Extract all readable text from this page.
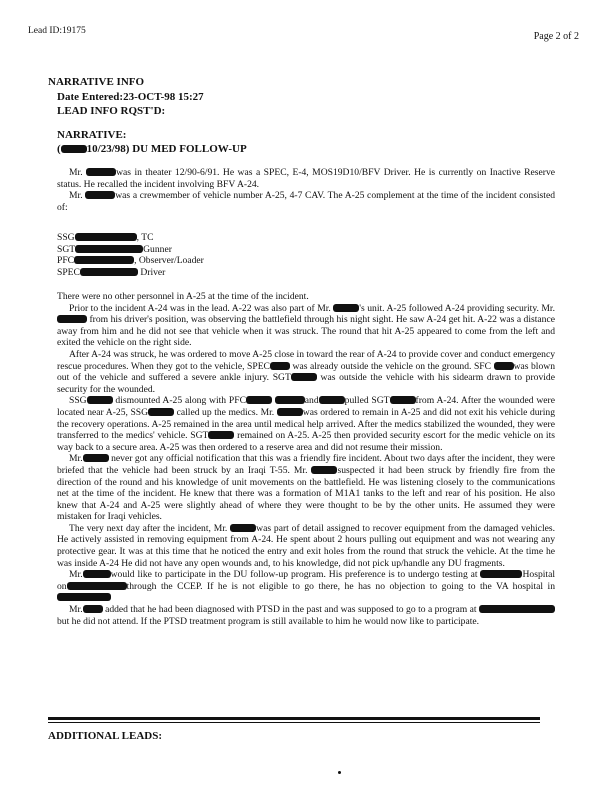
Lead ID:19175	Page 2 of 2
NARRATIVE INFO
Date Entered:23-OCT-98 15:27
LEAD INFO RQST'D:
NARRATIVE:
( 10/23/98) DU MED FOLLOW-UP

Mr.	was in theater 12/90-6/91. He was a SPEC, E-4, MOS19D10/BFV Driver. He is currently on Inactive Reserve status. He recalled the incident involving BFV A-24.

Mr.	was a crewmember of vehicle number A-25, 4-7 CAV. The A-25 complement at the time of the incident consisted of:

SSG	, TC
SGT	Gunner
PFC	, Observer/Loader
SPEC	Driver

There were no other personnel in A-25 at the time of the incident.

Prior to the incident A-24 was in the lead. A-22 was also part of Mr.	's unit. A-25 followed A-24 providing security. Mr.  from his driver's position, was observing the battlefield through his night sight. He saw A-24 get hit. A-22 was a distance away from him and he did not see that vehicle when it was struck. The round that hit A-25 appeared to come from the left and exited the vehicle on the right side.

After A-24 was struck, he was ordered to move A-25 close in toward the rear of A-24 to provide cover and conduct emergency rescue procedures. When they got to the vehicle, SPEC was already outside the vehicle on the ground. SFC was blown out of the vehicle and suffered a severe ankle injury. SGT	was outside the vehicle with his sidearm drawn to provide security for the wounded.

SSG	dismounted A-25 along with PFC	and	pulled SGT	from A-24. After the wounded were located near A-25, SSG	called up the medics. Mr.	was ordered to remain in A-25 and did not exit his vehicle during the recovery operations. A-25 remained in the area until medical help arrived. After the medics stabilized the wounded, they were transferred to the medics' vehicle. SGT	remained on A-25. A-25 then provided security escort for the medic vehicle on its way back to a secure area. A-25 was then ordered to a reserve area and did not resume their mission.

Mr.	never got any official notification that this was a friendly fire incident. About two days after the incident, they were briefed that the vehicle had been struck by an Iraqi T-55. Mr.	suspected it had been struck by friendly fire from the direction of the round and his knowledge of unit movements on the battlefield. He was listening closely to the communications net at the time of the incident. He knew that there was a formation of M1A1 tanks to the left and rear of his position. He also knew that A-24 and A-25 were slightly ahead of where they were thought to be by the other units. He assumed they were mistaken for Iraqi vehicles.

The very next day after the incident, Mr.	was part of detail assigned to recover equipment from the damaged vehicles. He actively assisted in removing equipment from A-24. He spent about 2 hours pulling out equipment and was not wearing any protective gear. It was at this time that he noticed the entry and exit holes from the round that struck the vehicle. At the time he was inside A-24 He did not have any open wounds and, to his knowledge, did not pick up/handle any DU fragments.

Mr.	would like to participate in the DU follow-up program. His preference is to undergo testing at	Hospital on	through the CCEP. If he is not eligible to go there, he has no objection to going to the VA hospital in

Mr. added that he had been diagnosed with PTSD in the past and was supposed to go to a program at but he did not attend. If the PTSD treatment program is still available to him he would now like to participate.

ADDITIONAL LEADS:
